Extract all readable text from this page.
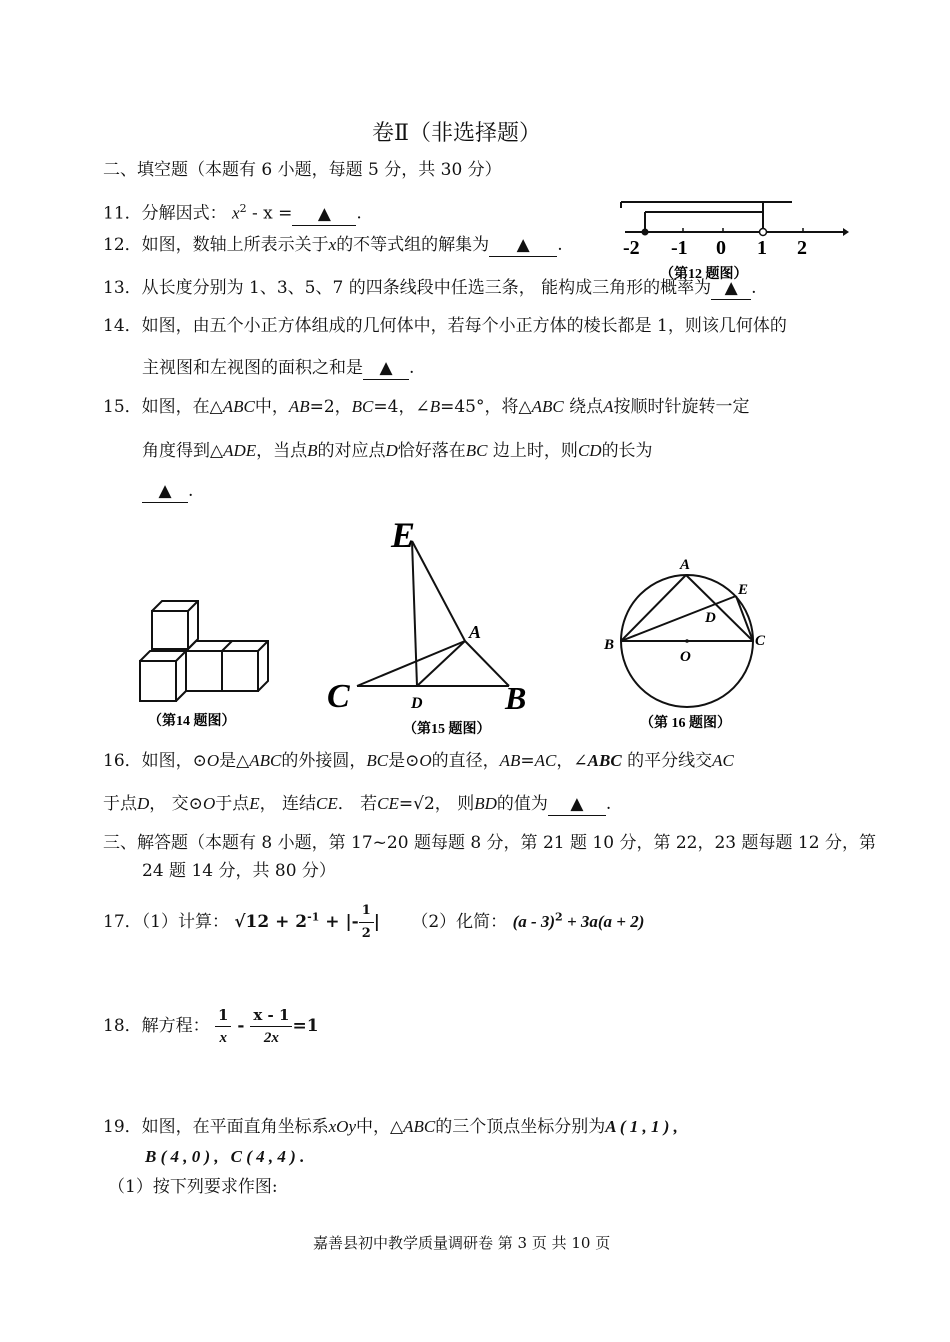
卷Ⅱ（非选择题）
二、填空题（本题有 6 小题，每题 5 分，共 30 分）
11．分解因式： $x^2$ - x = ▲ .
12．如图，数轴上所表示关于x的不等式组的解集为 ▲ .	-2 -1 0 1 2
（第12 题图）
13．从长度分别为 1、3、5、7 的四条线段中任选三条， 能构成三角形的概率为 ▲ .
14．如图，由五个小正方体组成的几何体中，若每个小正方体的棱长都是 1，则该几何体的
主视图和左视图的面积之和是 ▲ .
15．如图，在△ABC中，AB=2，BC=4，∠B=45°，将△ABC 绕点A按顺时针旋转一定
角度得到△ADE，当点B的对应点D恰好落在BC 边上时，则CD的长为
▲ .
（第14 题图）
E
A
C	D	B
（第15 题图）
A
E
D
B
O
C
（第 16 题图）
16．如图，⊙O是△ABC的外接圆，BC是⊙O的直径，AB=AC，∠ABC 的平分线交AC
于点D， 交⊙O于点E， 连结CE． 若CE=√2， 则BD的值为 ▲ .
三、解答题（本题有 8 小题，第 17~20 题每题 8 分，第 21 题 10 分，第 22，23 题每题 12 分，第
24 题 14 分，共 80 分）
17．（1）计算： $√12 + 2^{-1}$ + |- $\frac{1}{2}$ | （2）化简： (a - 3)$^2$ + 3a(a + 2)
18．解方程： $\frac{1}{x} - \frac{x - 1}{2x} =1$
19．如图，在平面直角坐标系xOy中，△ABC的三个顶点坐标分别为A ( 1 , 1 ) ,
B ( 4 , 0 ) , C ( 4 , 4 ) .
（1）按下列要求作图:
嘉善县初中教学质量调研卷 第 3 页 共 10 页
